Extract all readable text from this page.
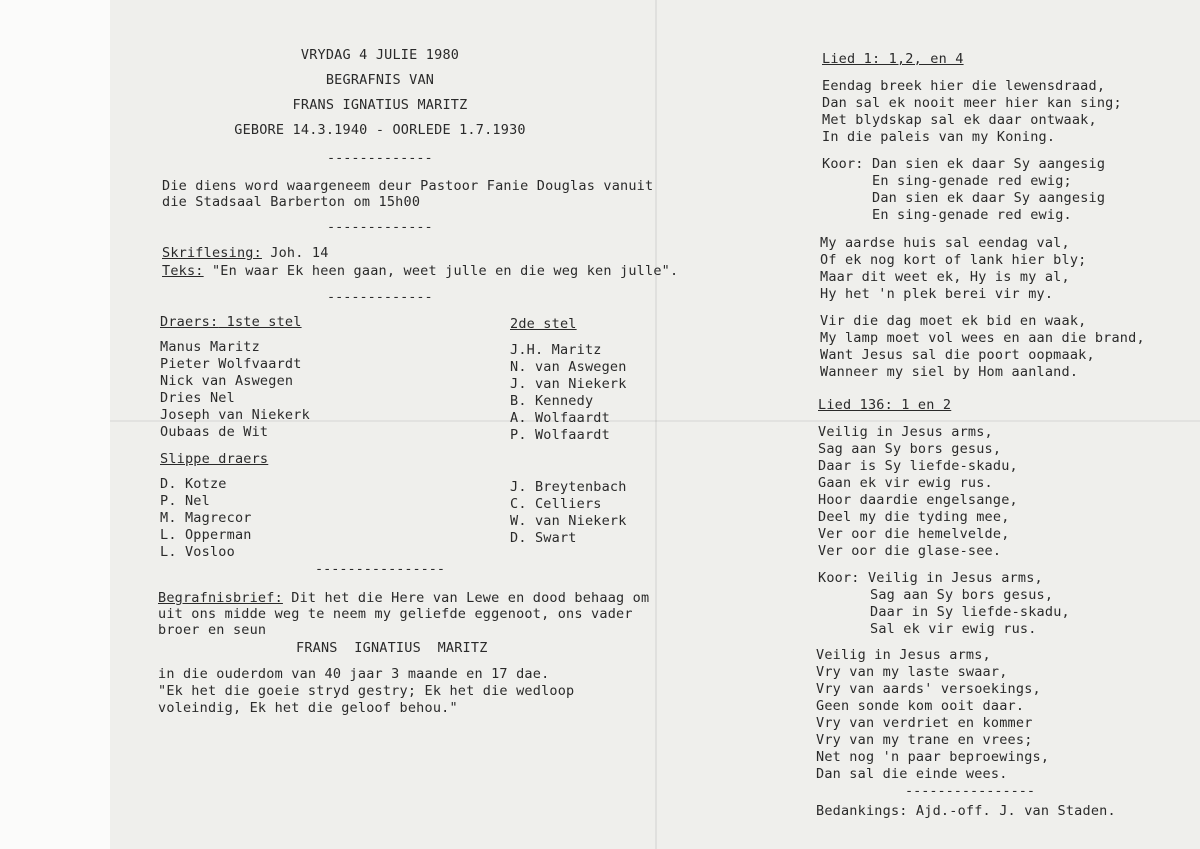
VRYDAG 4 JULIE 1980
BEGRAFNIS VAN
FRANS IGNATIUS MARITZ
GEBORE 14.3.1940 - OORLEDE 1.7.1930
-------------
Die diens word waargeneem deur Pastoor Fanie Douglas vanuit
die Stadsaal Barberton om 15h00
-------------
Skriflesing: Joh. 14
Teks: "En waar Ek heen gaan, weet julle en die weg ken julle".
-------------
Draers: 1ste stel	2de stel
Manus Maritz
Pieter Wolfvaardt
Nick van Aswegen
Dries Nel
Joseph van Niekerk
Oubaas de Wit
J.H. Maritz
N. van Aswegen
J. van Niekerk
B. Kennedy
A. Wolfaardt
P. Wolfaardt
Slippe draers
D. Kotze
P. Nel
M. Magrecor
L. Opperman
L. Vosloo
J. Breytenbach
C. Celliers
W. van Niekerk
D. Swart
----------------
Begrafnisbrief: Dit het die Here van Lewe en dood behaag om
uit ons midde weg te neem my geliefde eggenoot, ons vader
broer en seun
FRANS  IGNATIUS  MARITZ
in die ouderdom van 40 jaar 3 maande en 17 dae.
"Ek het die goeie stryd gestry; Ek het die wedloop
voleindig, Ek het die geloof behou."
Lied 1: 1,2, en 4
Eendag breek hier die lewensdraad,
Dan sal ek nooit meer hier kan sing;
Met blydskap sal ek daar ontwaak,
In die paleis van my Koning.
Koor: Dan sien ek daar Sy aangesig
En sing-genade red ewig;
Dan sien ek daar Sy aangesig
En sing-genade red ewig.
My aardse huis sal eendag val,
Of ek nog kort of lank hier bly;
Maar dit weet ek, Hy is my al,
Hy het 'n plek berei vir my.
Vir die dag moet ek bid en waak,
My lamp moet vol wees en aan die brand,
Want Jesus sal die poort oopmaak,
Wanneer my siel by Hom aanland.
Lied 136: 1 en 2
Veilig in Jesus arms,
Sag aan Sy bors gesus,
Daar is Sy liefde-skadu,
Gaan ek vir ewig rus.
Hoor daardie engelsange,
Deel my die tyding mee,
Ver oor die hemelvelde,
Ver oor die glase-see.
Koor: Veilig in Jesus arms,
Sag aan Sy bors gesus,
Daar in Sy liefde-skadu,
Sal ek vir ewig rus.
Veilig in Jesus arms,
Vry van my laste swaar,
Vry van aards' versoekings,
Geen sonde kom ooit daar.
Vry van verdriet en kommer
Vry van my trane en vrees;
Net nog 'n paar beproewings,
Dan sal die einde wees.
----------------
Bedankings: Ajd.-off. J. van Staden.
